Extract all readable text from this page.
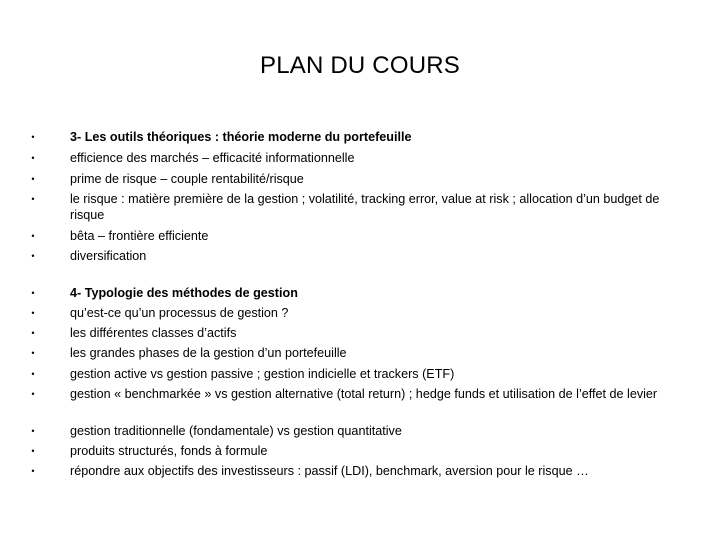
PLAN DU COURS
•	3- Les outils théoriques : théorie moderne du portefeuille
•	efficience des marchés – efficacité informationnelle
•	prime de risque – couple rentabilité/risque
•	le risque : matière première de la gestion ; volatilité, tracking error, value at risk ; allocation d’un budget de risque
•	bêta – frontière efficiente
•	diversification
•	4- Typologie des méthodes de gestion
•	qu’est-ce qu’un processus de gestion ?
•	les différentes classes d’actifs
•	les grandes phases de la gestion d’un portefeuille
•	gestion active vs gestion passive ; gestion indicielle et trackers (ETF)
•	gestion « benchmarkée » vs gestion alternative (total return) ; hedge funds et utilisation de l’effet de levier
•	gestion traditionnelle (fondamentale) vs gestion quantitative
•	produits structurés, fonds à formule
•	répondre aux objectifs des investisseurs : passif (LDI), benchmark, aversion pour le risque …
